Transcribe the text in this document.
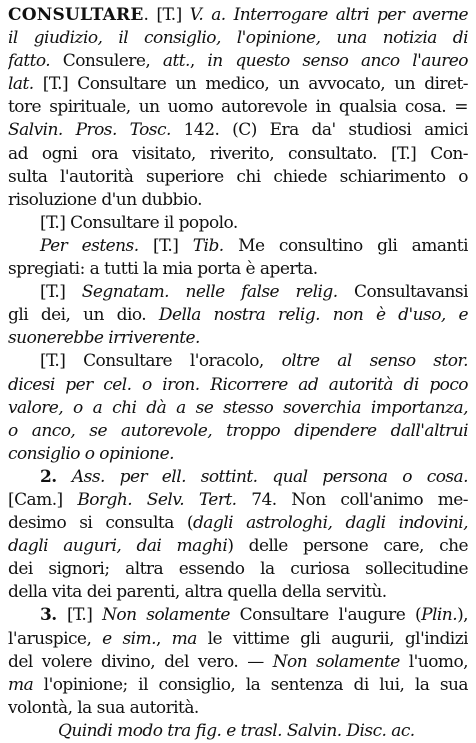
CONSULTARE. [T.] V. a. Interrogare altri per averne
il giudizio, il consiglio, l'opinione, una notizia di
fatto. Consulere, att., in questo senso anco l'aureo
lat. [T.] Consultare un medico, un avvocato, un diret-
tore spirituale, un uomo autorevole in qualsia cosa. =
Salvin. Pros. Tosc. 142. (C) Era da' studiosi amici
ad ogni ora visitato, riverito, consultato. [T.] Con-
sulta l'autorità superiore chi chiede schiarimento o
risoluzione d'un dubbio.
[T.] Consultare il popolo.
Per estens. [T.] Tib. Me consultino gli amanti
spregiati: a tutti la mia porta è aperta.
[T.] Segnatam. nelle false relig. Consultavansi
gli dei, un dio. Della nostra relig. non è d'uso, e
suonerebbe irriverente.
[T.] Consultare l'oracolo, oltre al senso stor.
dicesi per cel. o iron. Ricorrere ad autorità di poco
valore, o a chi dà a se stesso soverchia importanza,
o anco, se autorevole, troppo dipendere dall'altrui
consiglio o opinione.
2. Ass. per ell. sottint. qual persona o cosa.
[Cam.] Borgh. Selv. Tert. 74. Non coll'animo me-
desimo si consulta (dagli astrologhi, dagli indovini,
dagli auguri, dai maghi) delle persone care, che
dei signori; altra essendo la curiosa sollecitudine
della vita dei parenti, altra quella della servitù.
3. [T.] Non solamente Consultare l'augure (Plin.),
l'aruspice, e sim., ma le vittime gli augurii, gl'indizi
del volere divino, del vero. — Non solamente l'uomo,
ma l'opinione; il consiglio, la sentenza di lui, la sua
volontà, la sua autorità.
Quindi modo tra fig. e trasl. Salvin. Disc. ac.
